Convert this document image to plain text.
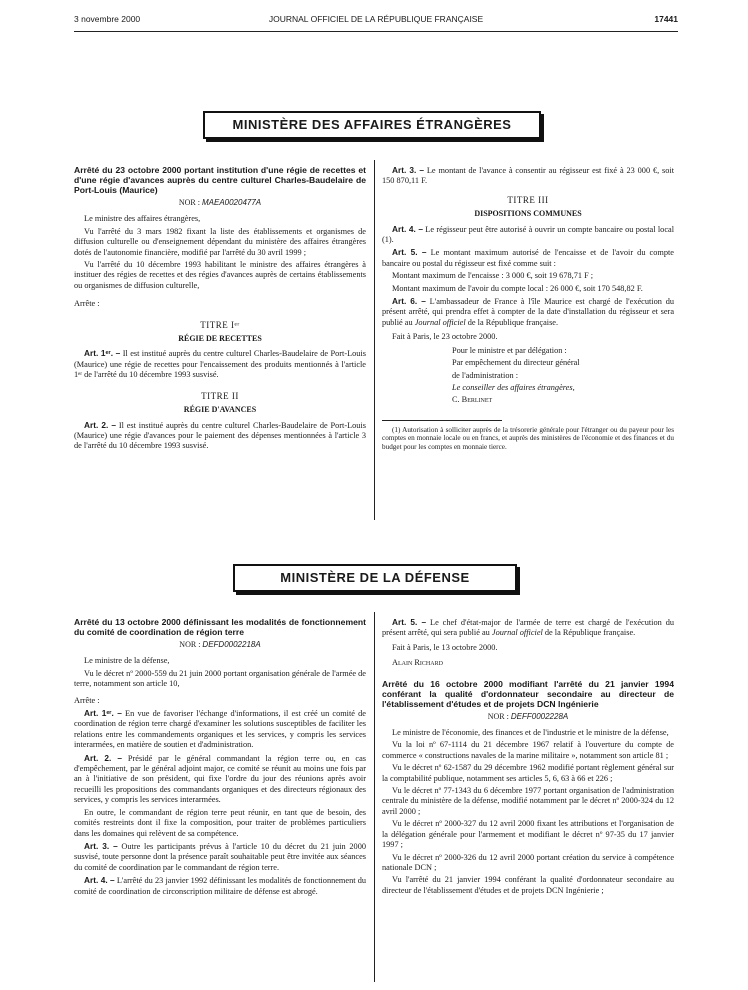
3 novembre 2000	JOURNAL OFFICIEL DE LA RÉPUBLIQUE FRANÇAISE	17441
MINISTÈRE DES AFFAIRES ÉTRANGÈRES
Arrêté du 23 octobre 2000 portant institution d'une régie de recettes et d'une régie d'avances auprès du centre culturel Charles-Baudelaire de Port-Louis (Maurice)
NOR : MAEA0020477A

Le ministre des affaires étrangères,

Vu l'arrêté du 3 mars 1982 fixant la liste des établissements et organismes de diffusion culturelle ou d'enseignement dépendant du ministère des affaires étrangères dotés de l'autonomie financière, modifié par l'arrêté du 30 avril 1999 ;

Vu l'arrêté du 10 décembre 1993 habilitant le ministre des affaires étrangères à instituer des régies de recettes et des régies d'avances auprès de certains établissements ou organismes de diffusion culturelle,

Arrête :

TITRE Iᵉʳ
RÉGIE DE RECETTES

Art. 1ᵉʳ. – Il est institué auprès du centre culturel Charles-Baudelaire de Port-Louis (Maurice) une régie de recettes pour l'encaissement des produits mentionnés à l'article 1ᵉʳ de l'arrêté du 10 décembre 1993 susvisé.

TITRE II
RÉGIE D'AVANCES

Art. 2. – Il est institué auprès du centre culturel Charles-Baudelaire de Port-Louis (Maurice) une régie d'avances pour le paiement des dépenses mentionnées à l'article 3 de l'arrêté du 10 décembre 1993 susvisé.

Art. 3. – Le montant de l'avance à consentir au régisseur est fixé à 23 000 €, soit 150 870,11 F.

TITRE III
DISPOSITIONS COMMUNES

Art. 4. – Le régisseur peut être autorisé à ouvrir un compte bancaire ou postal local (1).

Art. 5. – Le montant maximum autorisé de l'encaisse et de l'avoir du compte bancaire ou postal du régisseur est fixé comme suit :

Montant maximum de l'encaisse : 3 000 €, soit 19 678,71 F ;

Montant maximum de l'avoir du compte local : 26 000 €, soit 170 548,82 F.

Art. 6. – L'ambassadeur de France à l'île Maurice est chargé de l'exécution du présent arrêté, qui prendra effet à compter de la date d'installation du régisseur et sera publié au Journal officiel de la République française.

Fait à Paris, le 23 octobre 2000.

Pour le ministre et par délégation :

Par empêchement du directeur général

de l'administration :

Le conseiller des affaires étrangères,

C. Berlinet

(1) Autorisation à solliciter auprès de la trésorerie générale pour l'étranger ou du payeur pour les comptes en monnaie locale ou en francs, et auprès des ministères de l'économie et des finances et du budget pour les comptes en monnaie tierce.

MINISTÈRE DE LA DÉFENSE
Arrêté du 13 octobre 2000 définissant les modalités de fonctionnement du comité de coordination de région terre
NOR : DEFD0002218A

Le ministre de la défense,

Vu le décret nº 2000-559 du 21 juin 2000 portant organisation générale de l'armée de terre, notamment son article 10,

Arrête :

Art. 1ᵉʳ. – En vue de favoriser l'échange d'informations, il est créé un comité de coordination de région terre chargé d'examiner les solutions susceptibles de faciliter les relations entre les commandements organiques et les services, y compris les services interarmées, en matière de soutien et d'administration.

Art. 2. – Présidé par le général commandant la région terre ou, en cas d'empêchement, par le général adjoint major, ce comité se réunit au moins une fois par an à l'initiative de son président, qui fixe l'ordre du jour des réunions après avoir recueilli les propositions des commandants organiques et des directeurs régionaux des services, y compris les services interarmées.

En outre, le commandant de région terre peut réunir, en tant que de besoin, des comités restreints dont il fixe la composition, pour traiter de problèmes particuliers dans les domaines qui relèvent de sa compétence.

Art. 3. – Outre les participants prévus à l'article 10 du décret du 21 juin 2000 susvisé, toute personne dont la présence paraît souhaitable peut être invitée aux séances du comité de coordination par le commandant de région terre.

Art. 4. – L'arrêté du 23 janvier 1992 définissant les modalités de fonctionnement du comité de coordination de circonscription militaire de défense est abrogé.

Art. 5. – Le chef d'état-major de l'armée de terre est chargé de l'exécution du présent arrêté, qui sera publié au Journal officiel de la République française.

Fait à Paris, le 13 octobre 2000.

Alain Richard

Arrêté du 16 octobre 2000 modifiant l'arrêté du 21 janvier 1994 conférant la qualité d'ordonnateur secondaire au directeur de l'établissement d'études et de projets DCN Ingénierie
NOR : DEFF0002228A

Le ministre de l'économie, des finances et de l'industrie et le ministre de la défense,

Vu la loi nº 67-1114 du 21 décembre 1967 relatif à l'ouverture du compte de commerce « constructions navales de la marine militaire », notamment son article 81 ;

Vu le décret nº 62-1587 du 29 décembre 1962 modifié portant règlement général sur la comptabilité publique, notamment ses articles 5, 6, 63 à 66 et 226 ;

Vu le décret nº 77-1343 du 6 décembre 1977 portant organisation de l'administration centrale du ministère de la défense, modifié notamment par le décret nº 2000-324 du 12 avril 2000 ;

Vu le décret nº 2000-327 du 12 avril 2000 fixant les attributions et l'organisation de la délégation générale pour l'armement et modifiant le décret nº 97-35 du 17 janvier 1997 ;

Vu le décret nº 2000-326 du 12 avril 2000 portant création du service à compétence nationale DCN ;

Vu l'arrêté du 21 janvier 1994 conférant la qualité d'ordonnateur secondaire au directeur de l'établissement d'études et de projets DCN Ingénierie ;
